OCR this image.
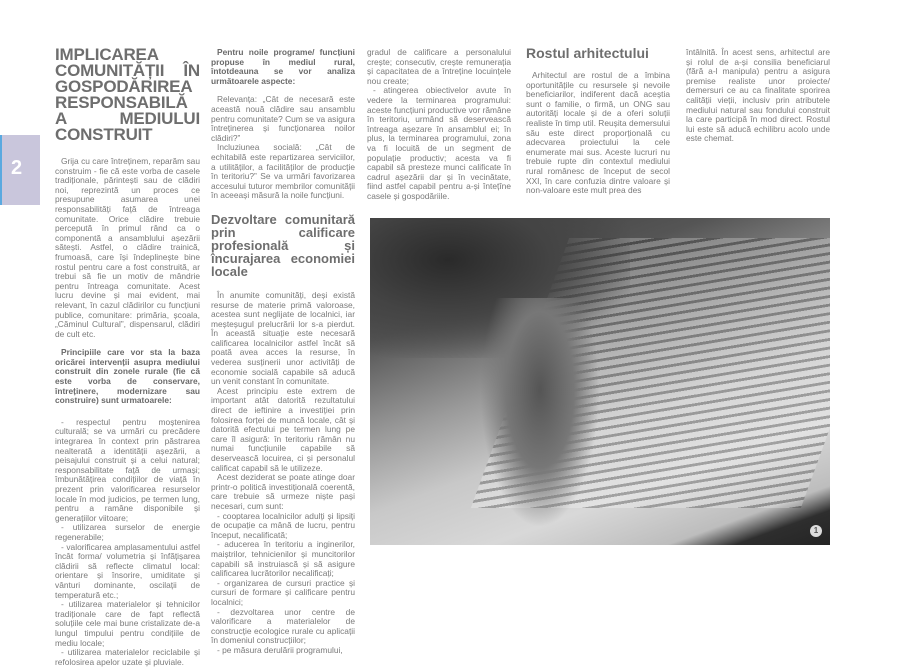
2
IMPLICAREA COMUNITĂȚII ÎN GOSPODĂRIREA RESPONSABILĂ A MEDIULUI CONSTRUIT

Grija cu care întreținem, reparăm sau construim - fie că este vorba de casele tradiționale, părintești sau de clădiri noi, reprezintă un proces ce presupune asumarea unei responsabilități față de întreaga comunitate. Orice clădire trebuie percepută în primul rând ca o componentă a ansamblului așezării sătești. Astfel, o clădire trainică, frumoasă, care își îndeplinește bine rostul pentru care a fost construită, ar trebui să fie un motiv de mândrie pentru întreaga comunitate. Acest lucru devine și mai evident, mai relevant, în cazul clădirilor cu funcțiuni publice, comunitare: primăria, școala, „Căminul Cultural”, dispensarul, clădiri de cult etc.

Principiile care vor sta la baza oricărei intervenții asupra mediului construit din zonele rurale (fie că este vorba de conservare, întreținere, modernizare sau construire) sunt urmatoarele:

- respectul pentru moștenirea culturală; se va urmări cu precădere integrarea în context prin păstrarea nealterată a identității așezării, a peisajului construit și a celui natural; responsabilitate față de urmași; îmbunătățirea condițiilor de viață în prezent prin valorificarea resurselor locale în mod judicios, pe termen lung, pentru a ramâne disponibile și generațiilor viitoare;

- utilizarea surselor de energie regenerabile;

- valorificarea amplasamentului astfel încât forma/ volumetria și înfățișarea clădirii să reflecte climatul local: orientare și însorire, umiditate și vânturi dominante, oscilații de temperatură etc.;

- utilizarea materialelor și tehnicilor tradiționale care de fapt reflectă soluțiile cele mai bune cristalizate de-a lungul timpului pentru condițiile de mediu locale;

- utilizarea materialelor reciclabile și refolosirea apelor uzate și pluviale.

Pentru noile programe/ funcțiuni propuse în mediul rural, întotdeauna se vor analiza următoarele aspecte:

Relevanța: „Cât de necesară este această nouă clădire sau ansamblu pentru comunitate? Cum se va asigura întreținerea și funcționarea noilor clădiri?”

Incluziunea socială: „Cât de echitabilă este repartizarea serviciilor, a utilităților, a facilităților de producție în teritoriu?” Se va urmări favorizarea accesului tuturor membrilor comunității în aceeași măsură la noile funcțiuni.

Dezvoltare comunitară prin calificare profesională și încurajarea economiei locale

În anumite comunități, deși există resurse de materie primă valoroase, acestea sunt neglijate de localnici, iar meșteșugul prelucrării lor s-a pierdut. În această situație este necesară calificarea localnicilor astfel încât să poată avea acces la resurse, în vederea susținerii unor activități de economie socială capabile să aducă un venit constant în comunitate.

Acest principiu este extrem de important atât datorită rezultatului direct de ieftinire a investiției prin folosirea forței de muncă locale, cât și datorită efectului pe termen lung pe care îl asigură: în teritoriu rămân nu numai funcțiunile capabile să deservească locuirea, ci și personalul calificat capabil să le utilizeze.

Acest deziderat se poate atinge doar printr-o politică investițională coerentă, care trebuie să urmeze niște pași necesari, cum sunt:

- cooptarea localnicilor adulți și lipsiți de ocupație ca mână de lucru, pentru început, necalificată;

- aducerea în teritoriu a inginerilor, maiștrilor, tehnicienilor și muncitorilor capabili să instruiască și să asigure calificarea lucrătorilor necalificați;

- organizarea de cursuri practice și cursuri de formare și calificare pentru localnici;

- dezvoltarea unor centre de valorificare a materialelor de construcție ecologice rurale cu aplicații în domeniul construcțiilor;

- pe măsura derulării programului,

gradul de calificare a personalului crește; consecutiv, crește remunerația și capacitatea de a întreține locuințele nou create;

- atingerea obiectivelor avute în vedere la terminarea programului: aceste funcțiuni productive vor rămâne în teritoriu, urmând să deservească întreaga așezare în ansamblul ei; în plus, la terminarea programului, zona va fi locuită de un segment de populație productiv; acesta va fi capabil să presteze munci calificate în cadrul așezării dar și în vecinătate, fiind astfel capabil pentru a-și întețîne casele și gospodăriile.

Rostul arhitectului

Arhitectul are rostul de a îmbina oportunitățile cu resursele și nevoile beneficiarilor, indiferent dacă aceștia sunt o familie, o firmă, un ONG sau autorități locale și de a oferi soluții realiste în timp util. Reușita demersului său este direct proporțională cu adecvarea proiectului la cele enumerate mai sus. Aceste lucruri nu trebuie rupte din contextul mediului rural românesc de început de secol XXI, în care confuzia dintre valoare și non-valoare este mult prea des

întâlnită. În acest sens, arhitectul are și rolul de a-și consilia beneficiarul (fără a-l manipula) pentru a asigura premise realiste unor proiecte/ demersuri ce au ca finalitate sporirea calității vieții, inclusiv prin atributele mediului natural sau fondului construit la care participă în mod direct. Rostul lui este să aducă echilibru acolo unde este chemat.

1
